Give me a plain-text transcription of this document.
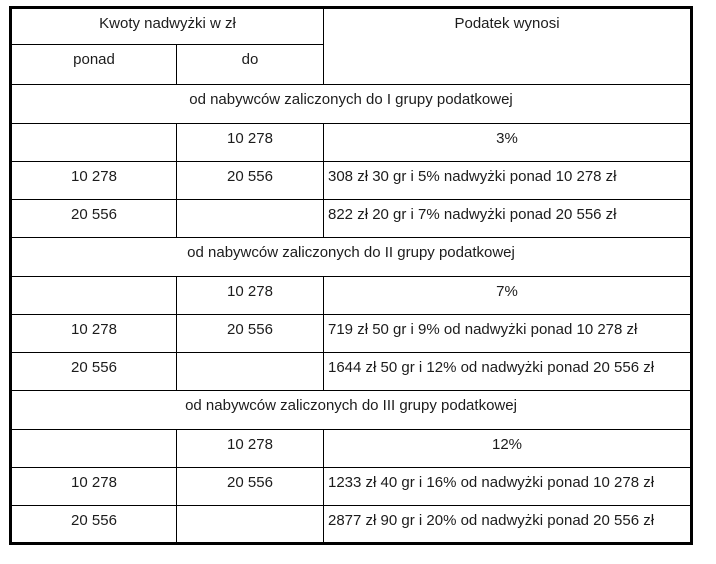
Kwoty nadwyżki w zł		Podatek wynosi
ponad	do	
od nabywców zaliczonych do I grupy podatkowej		
	10 278	3%
10 278	20 556	308 zł 30 gr i 5% nadwyżki ponad 10 278 zł
20 556		822 zł 20 gr i 7% nadwyżki ponad 20 556 zł
od nabywców zaliczonych do II grupy podatkowej		
	10 278	7%
10 278	20 556	719 zł 50 gr i 9% od nadwyżki ponad 10 278 zł
20 556		1644 zł 50 gr i 12% od nadwyżki ponad 20 556 zł
od nabywców zaliczonych do III grupy podatkowej		
	10 278	12%
10 278	20 556	1233 zł 40 gr i 16% od nadwyżki ponad 10 278 zł
20 556		2877 zł 90 gr i 20% od nadwyżki ponad 20 556 zł
